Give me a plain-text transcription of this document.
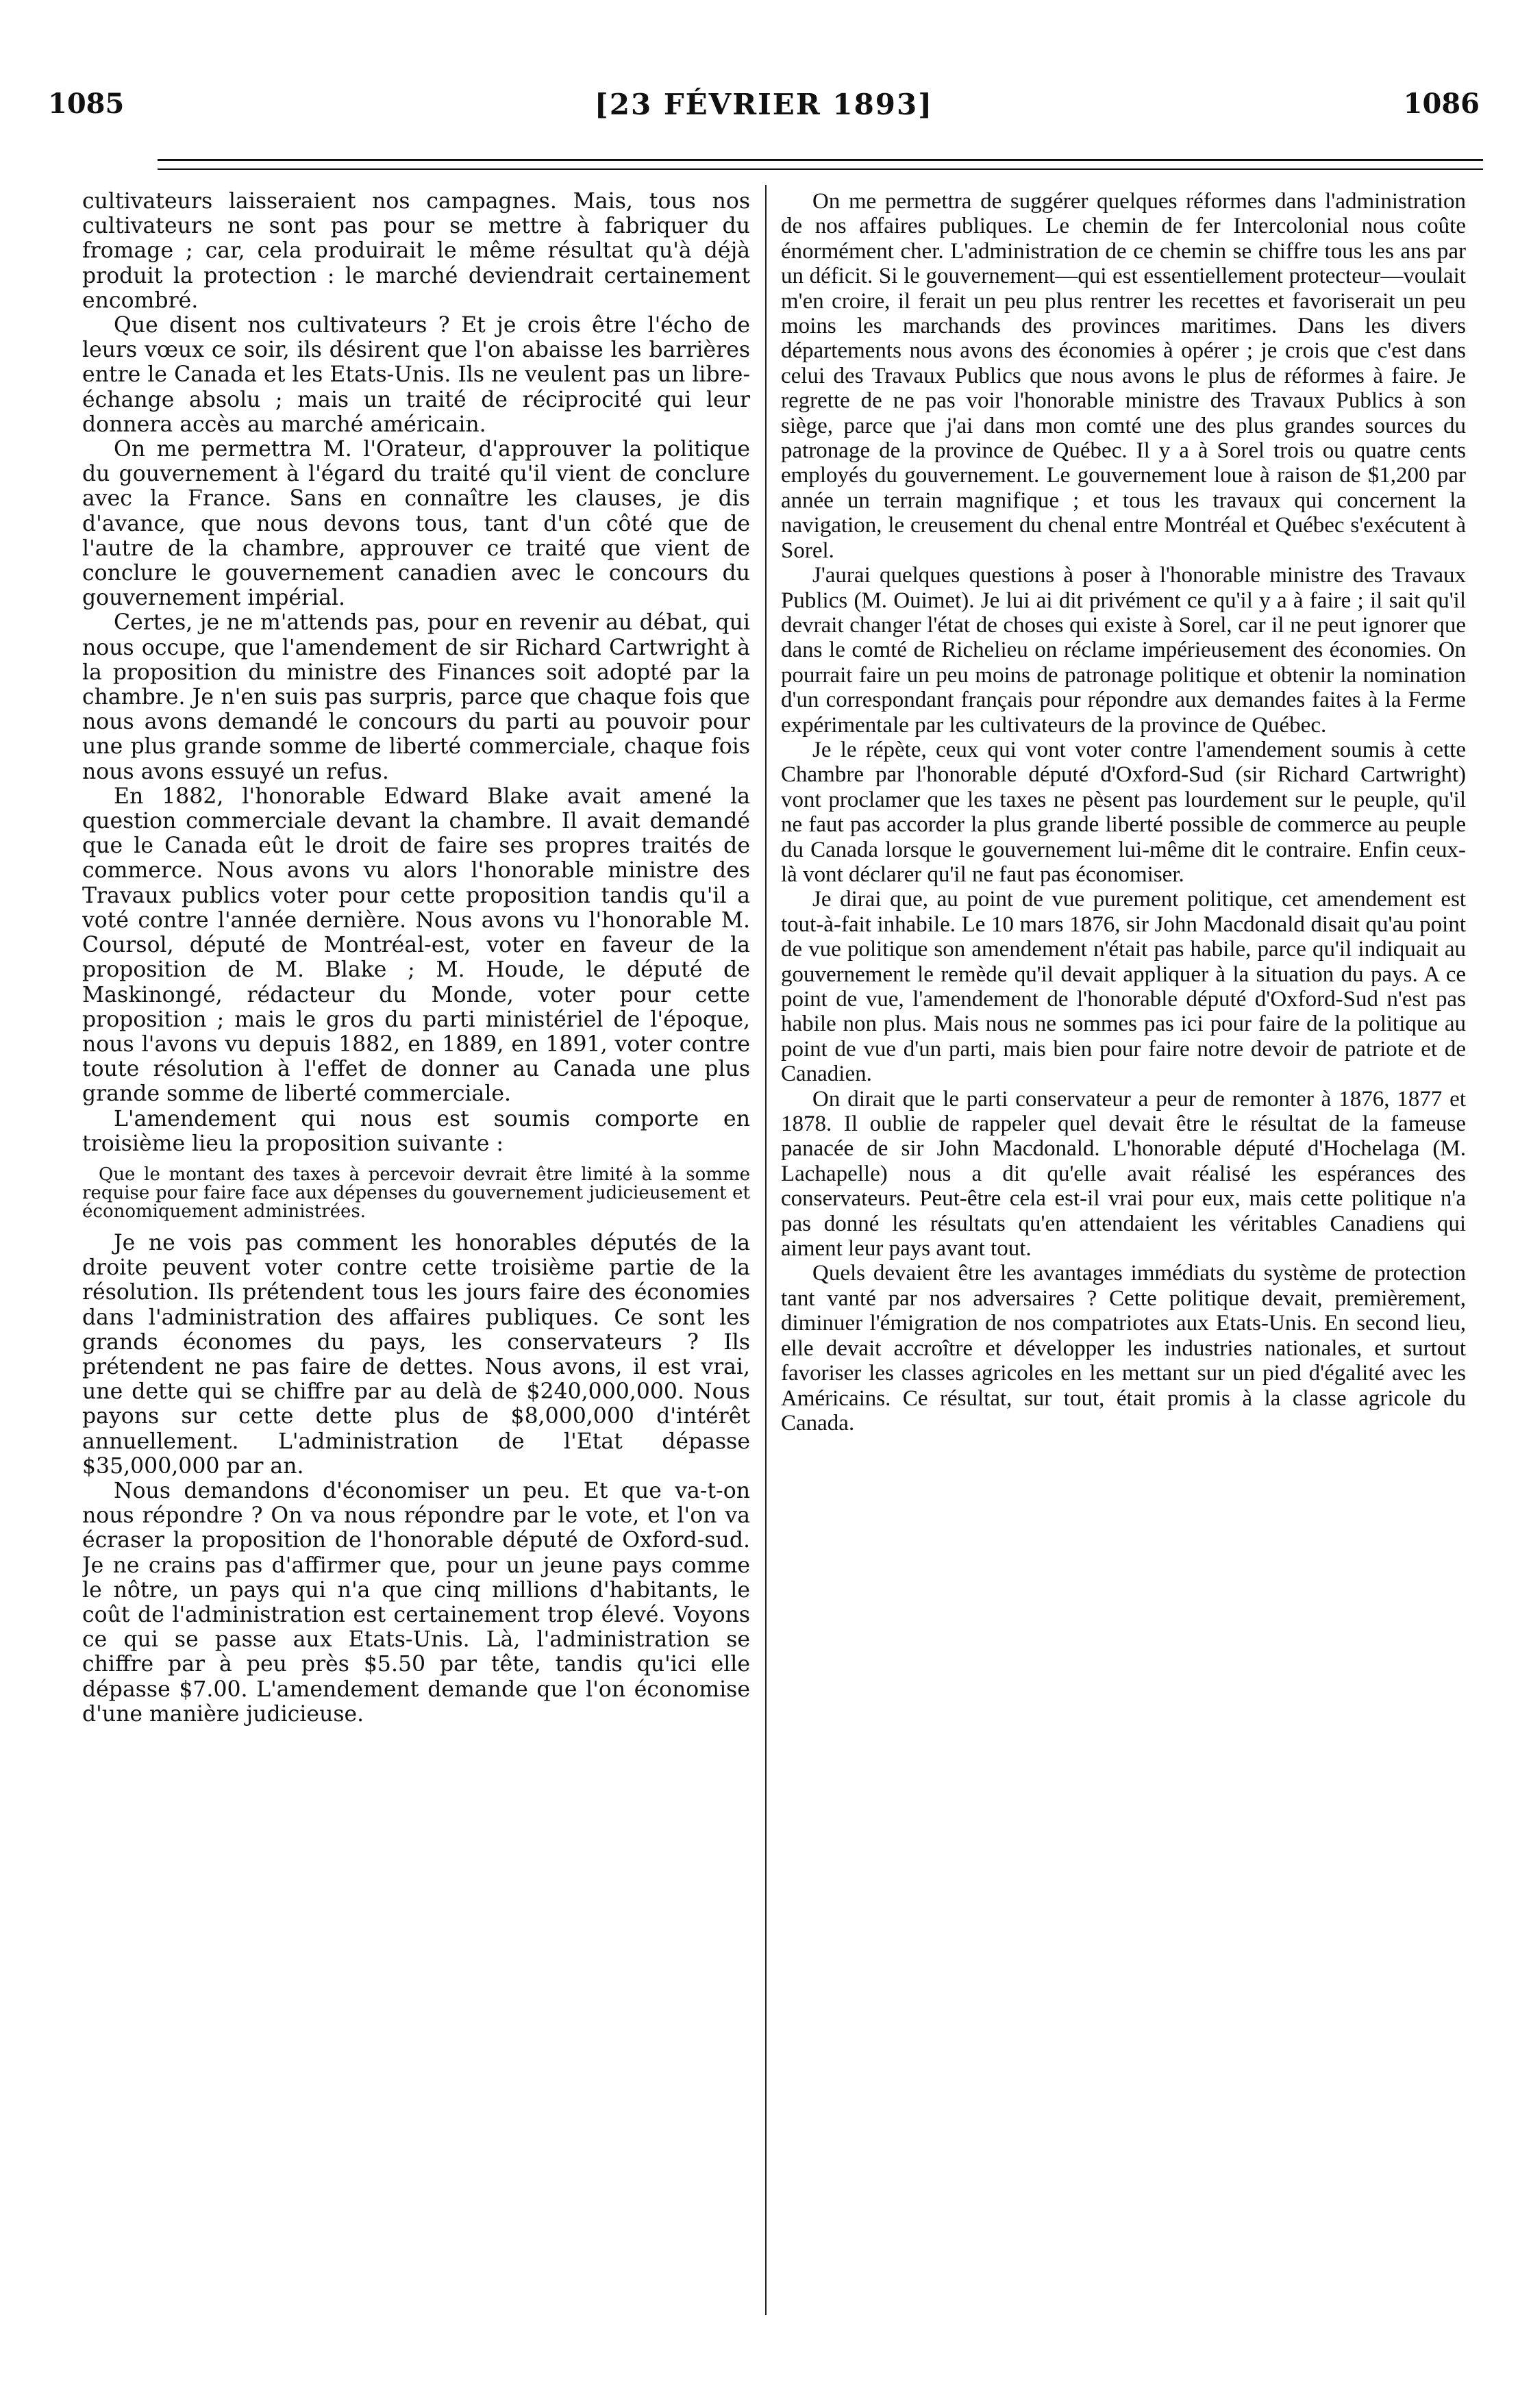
1085	[23 FÉVRIER 1893]	1086

cultivateurs laisseraient nos campagnes. Mais, tous nos cultivateurs ne sont pas pour se mettre à fabriquer du fromage ; car, cela produirait le même résultat qu'à déjà produit la protection : le marché deviendrait certainement encombré.

Que disent nos cultivateurs ? Et je crois être l'écho de leurs vœux ce soir, ils désirent que l'on abaisse les barrières entre le Canada et les Etats-Unis. Ils ne veulent pas un libre-échange absolu ; mais un traité de réciprocité qui leur donnera accès au marché américain.

On me permettra M. l'Orateur, d'approuver la politique du gouvernement à l'égard du traité qu'il vient de conclure avec la France. Sans en connaître les clauses, je dis d'avance, que nous devons tous, tant d'un côté que de l'autre de la chambre, approuver ce traité que vient de conclure le gouvernement canadien avec le concours du gouvernement impérial.

Certes, je ne m'attends pas, pour en revenir au débat, qui nous occupe, que l'amendement de sir Richard Cartwright à la proposition du ministre des Finances soit adopté par la chambre. Je n'en suis pas surpris, parce que chaque fois que nous avons demandé le concours du parti au pouvoir pour une plus grande somme de liberté commerciale, chaque fois nous avons essuyé un refus.

En 1882, l'honorable Edward Blake avait amené la question commerciale devant la chambre. Il avait demandé que le Canada eût le droit de faire ses propres traités de commerce. Nous avons vu alors l'honorable ministre des Travaux publics voter pour cette proposition tandis qu'il a voté contre l'année dernière. Nous avons vu l'honorable M. Coursol, député de Montréal-est, voter en faveur de la proposition de M. Blake ; M. Houde, le député de Maskinongé, rédacteur du Monde, voter pour cette proposition ; mais le gros du parti ministériel de l'époque, nous l'avons vu depuis 1882, en 1889, en 1891, voter contre toute résolution à l'effet de donner au Canada une plus grande somme de liberté commerciale.

L'amendement qui nous est soumis comporte en troisième lieu la proposition suivante :

Que le montant des taxes à percevoir devrait être limité à la somme requise pour faire face aux dépenses du gouvernement judicieusement et économiquement administrées.

Je ne vois pas comment les honorables députés de la droite peuvent voter contre cette troisième partie de la résolution. Ils prétendent tous les jours faire des économies dans l'administration des affaires publiques. Ce sont les grands économes du pays, les conservateurs ? Ils prétendent ne pas faire de dettes. Nous avons, il est vrai, une dette qui se chiffre par au delà de $240,000,000. Nous payons sur cette dette plus de $8,000,000 d'intérêt annuellement. L'administration de l'Etat dépasse $35,000,000 par an.

Nous demandons d'économiser un peu. Et que va-t-on nous répondre ? On va nous répondre par le vote, et l'on va écraser la proposition de l'honorable député de Oxford-sud. Je ne crains pas d'affirmer que, pour un jeune pays comme le nôtre, un pays qui n'a que cinq millions d'habitants, le coût de l'administration est certainement trop élevé. Voyons ce qui se passe aux Etats-Unis. Là, l'administration se chiffre par à peu près $5.50 par tête, tandis qu'ici elle dépasse $7.00. L'amendement demande que l'on économise d'une manière judicieuse.

On me permettra de suggérer quelques réformes dans l'administration de nos affaires publiques. Le chemin de fer Intercolonial nous coûte énormément cher. L'administration de ce chemin se chiffre tous les ans par un déficit. Si le gouvernement—qui est essentiellement protecteur—voulait m'en croire, il ferait un peu plus rentrer les recettes et favoriserait un peu moins les marchands des provinces maritimes. Dans les divers départements nous avons des économies à opérer ; je crois que c'est dans celui des Travaux Publics que nous avons le plus de réformes à faire. Je regrette de ne pas voir l'honorable ministre des Travaux Publics à son siège, parce que j'ai dans mon comté une des plus grandes sources du patronage de la province de Québec. Il y a à Sorel trois ou quatre cents employés du gouvernement. Le gouvernement loue à raison de $1,200 par année un terrain magnifique ; et tous les travaux qui concernent la navigation, le creusement du chenal entre Montréal et Québec s'exécutent à Sorel.

J'aurai quelques questions à poser à l'honorable ministre des Travaux Publics (M. Ouimet). Je lui ai dit privément ce qu'il y a à faire ; il sait qu'il devrait changer l'état de choses qui existe à Sorel, car il ne peut ignorer que dans le comté de Richelieu on réclame impérieusement des économies. On pourrait faire un peu moins de patronage politique et obtenir la nomination d'un correspondant français pour répondre aux demandes faites à la Ferme expérimentale par les cultivateurs de la province de Québec.

Je le répète, ceux qui vont voter contre l'amendement soumis à cette Chambre par l'honorable député d'Oxford-Sud (sir Richard Cartwright) vont proclamer que les taxes ne pèsent pas lourdement sur le peuple, qu'il ne faut pas accorder la plus grande liberté possible de commerce au peuple du Canada lorsque le gouvernement lui-même dit le contraire. Enfin ceux-là vont déclarer qu'il ne faut pas économiser.

Je dirai que, au point de vue purement politique, cet amendement est tout-à-fait inhabile. Le 10 mars 1876, sir John Macdonald disait qu'au point de vue politique son amendement n'était pas habile, parce qu'il indiquait au gouvernement le remède qu'il devait appliquer à la situation du pays. A ce point de vue, l'amendement de l'honorable député d'Oxford-Sud n'est pas habile non plus. Mais nous ne sommes pas ici pour faire de la politique au point de vue d'un parti, mais bien pour faire notre devoir de patriote et de Canadien.

On dirait que le parti conservateur a peur de remonter à 1876, 1877 et 1878. Il oublie de rappeler quel devait être le résultat de la fameuse panacée de sir John Macdonald. L'honorable député d'Hochelaga (M. Lachapelle) nous a dit qu'elle avait réalisé les espérances des conservateurs. Peut-être cela est-il vrai pour eux, mais cette politique n'a pas donné les résultats qu'en attendaient les véritables Canadiens qui aiment leur pays avant tout.

Quels devaient être les avantages immédiats du système de protection tant vanté par nos adversaires ? Cette politique devait, premièrement, diminuer l'émigration de nos compatriotes aux Etats-Unis. En second lieu, elle devait accroître et développer les industries nationales, et surtout favoriser les classes agricoles en les mettant sur un pied d'égalité avec les Américains. Ce résultat, sur tout, était promis à la classe agricole du Canada.
